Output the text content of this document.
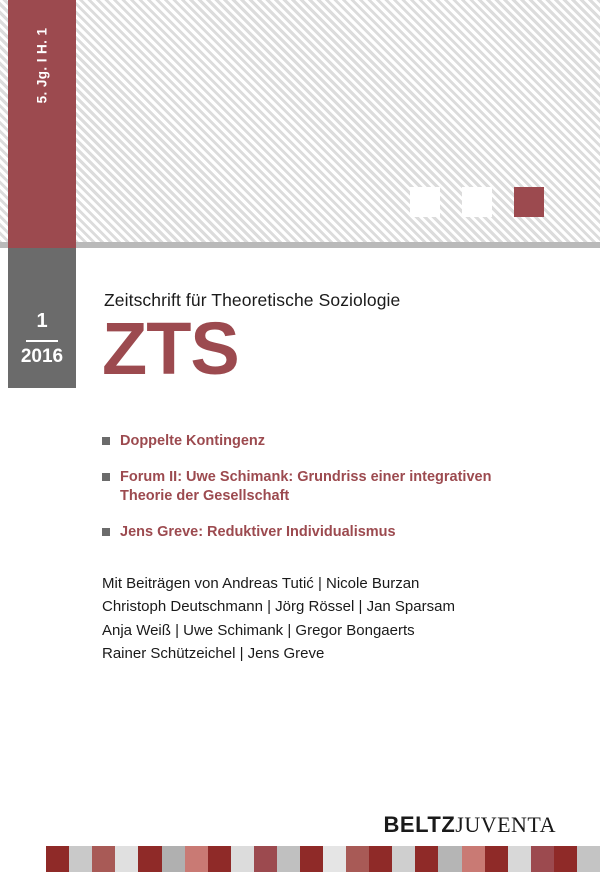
5. Jg. I H. 1
1
2016
Zeitschrift für Theoretische Soziologie
ZTS
Doppelte Kontingenz
Forum II: Uwe Schimank: Grundriss einer integrativen Theorie der Gesellschaft
Jens Greve: Reduktiver Individualismus
Mit Beiträgen von Andreas Tutić | Nicole Burzan
Christoph Deutschmann | Jörg Rössel | Jan Sparsam
Anja Weiß | Uwe Schimank | Gregor Bongaerts
Rainer Schützeichel | Jens Greve
BELTZJUVENTA
